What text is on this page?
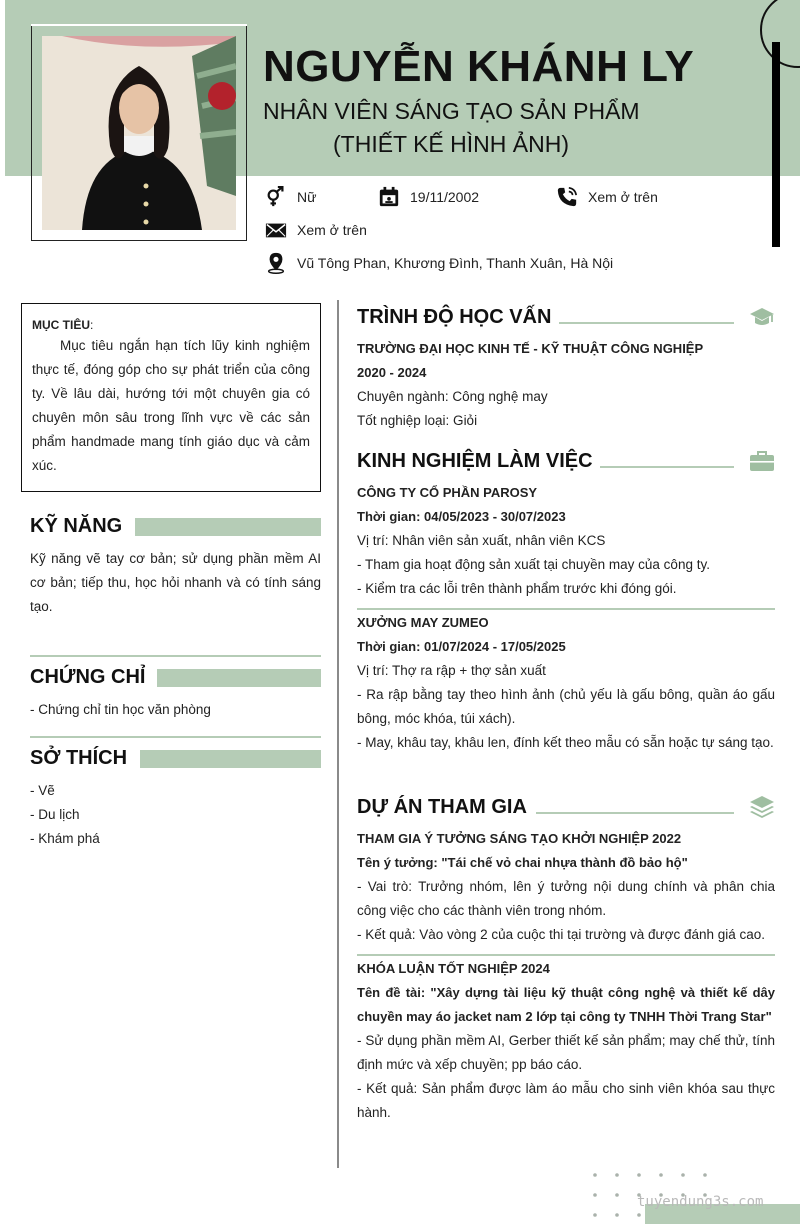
NGUYỄN KHÁNH LY
NHÂN VIÊN SÁNG TẠO SẢN PHẨM
(THIẾT KẾ HÌNH ẢNH)
Nữ	19/11/2002	Xem ở trên
Xem ở trên
Vũ Tông Phan, Khương Đình, Thanh Xuân, Hà Nội
MỤC TIÊU:
Mục tiêu ngắn hạn tích lũy kinh nghiệm thực tế, đóng góp cho sự phát triển của công ty. Về lâu dài, hướng tới một chuyên gia có chuyên môn sâu trong lĩnh vực về các sản phẩm handmade mang tính giáo dục và cảm xúc.
KỸ NĂNG
Kỹ năng vẽ tay cơ bản; sử dụng phần mềm AI cơ bản; tiếp thu, học hỏi nhanh và có tính sáng tạo.
CHỨNG CHỈ
- Chứng chỉ tin học văn phòng
SỞ THÍCH
- Vẽ
- Du lịch
- Khám phá
TRÌNH ĐỘ HỌC VẤN
TRƯỜNG ĐẠI HỌC KINH TẾ - KỸ THUẬT CÔNG NGHIỆP
2020 - 2024
Chuyên ngành: Công nghệ may
Tốt nghiệp loại: Giỏi
KINH NGHIỆM LÀM VIỆC
CÔNG TY CỔ PHẦN PAROSY
Thời gian: 04/05/2023 - 30/07/2023
Vị trí: Nhân viên sản xuất, nhân viên KCS
- Tham gia hoạt động sản xuất tại chuyền may của công ty.
- Kiểm tra các lỗi trên thành phẩm trước khi đóng gói.
XƯỞNG MAY ZUMEO
Thời gian: 01/07/2024 - 17/05/2025
Vị trí: Thợ ra rập + thợ sản xuất
- Ra rập bằng tay theo hình ảnh (chủ yếu là gấu bông, quần áo gấu bông, móc khóa, túi xách).
- May, khâu tay, khâu len, đính kết theo mẫu có sẵn hoặc tự sáng tạo.
DỰ ÁN THAM GIA
THAM GIA Ý TƯỞNG SÁNG TẠO KHỞI NGHIỆP 2022
Tên ý tưởng: "Tái chế vỏ chai nhựa thành đồ bảo hộ"
- Vai trò: Trưởng nhóm, lên ý tưởng nội dung chính và phân chia công việc cho các thành viên trong nhóm.
- Kết quả: Vào vòng 2 của cuộc thi tại trường và được đánh giá cao.
KHÓA LUẬN TỐT NGHIỆP 2024
Tên đề tài: "Xây dựng tài liệu kỹ thuật công nghệ và thiết kế dây chuyền may áo jacket nam 2 lớp tại công ty TNHH Thời Trang Star"
- Sử dụng phần mềm AI, Gerber thiết kế sản phẩm; may chế thử, tính định mức và xếp chuyền; pp báo cáo.
- Kết quả: Sản phẩm được làm áo mẫu cho sinh viên khóa sau thực hành.
tuyendung3s.com
